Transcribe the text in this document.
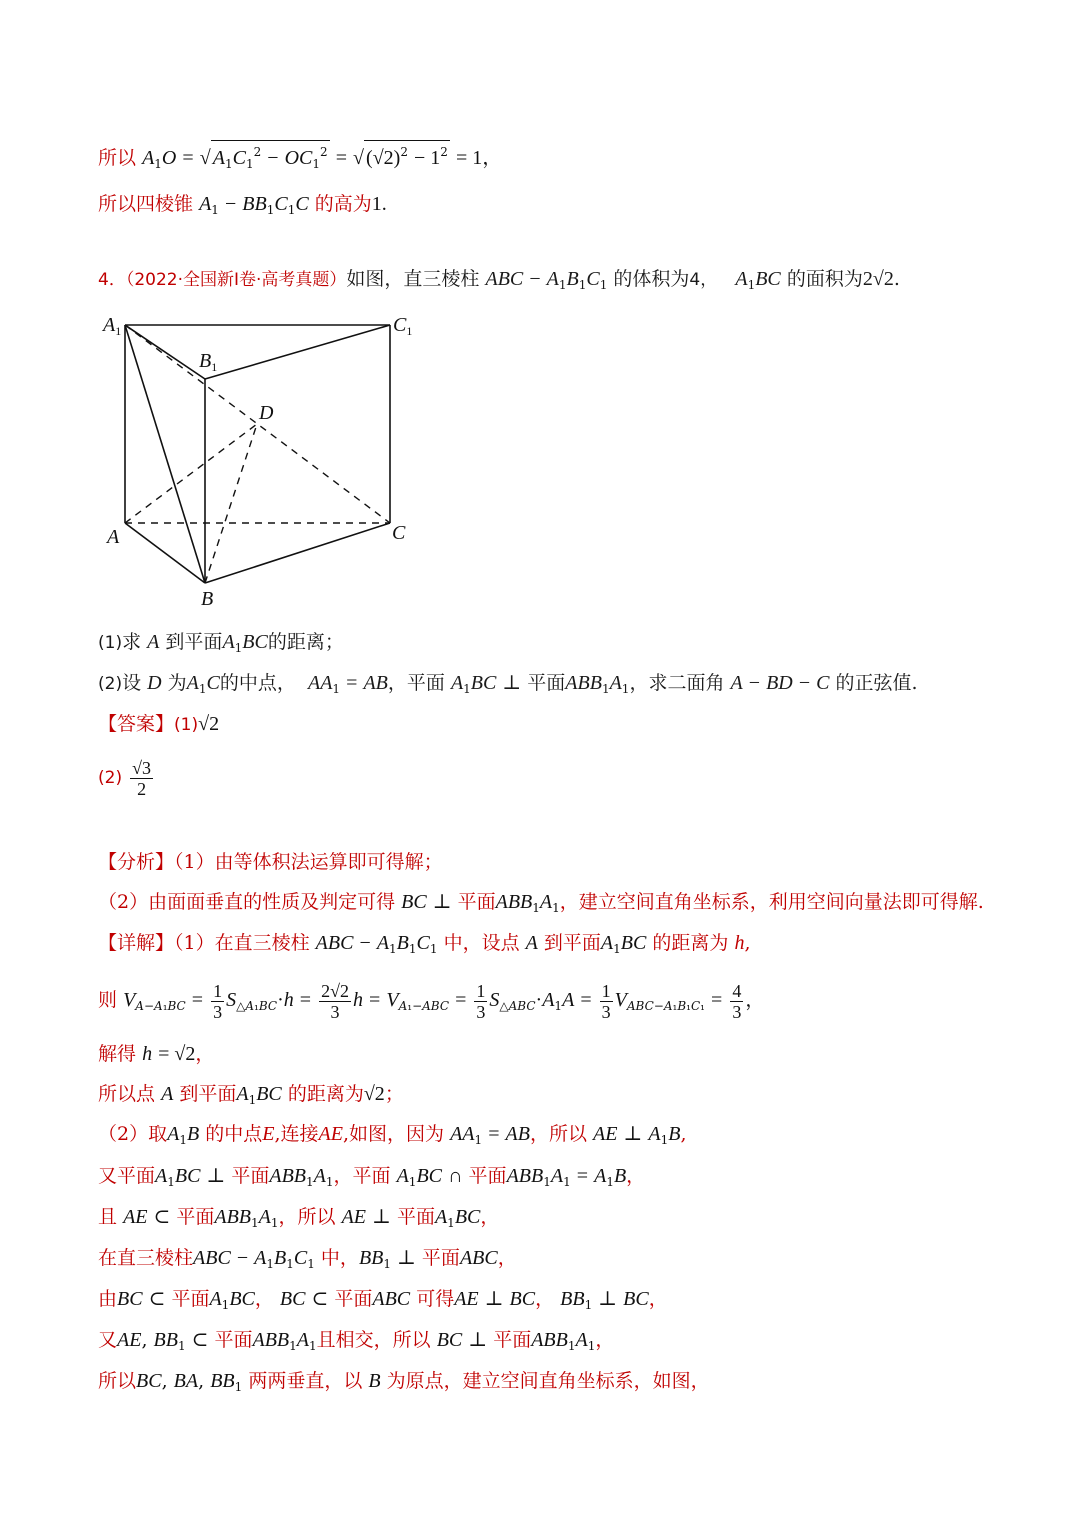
所以 $A_1O$ = √ $A_1C_1^2 - OC_1^2$ = √ $(√2)^2 - 1^2 = 1$，
所以四棱锥 $A_1 - BB_1C_1C$ 的高为1.
4．（2022·全国新Ⅰ卷·高考真题）如图，直三棱柱 ABC − $A_1B_1C_1$ 的体积为4， $A_1BC$ 的面积为2√2.
$A_1$	$C_1$
$B_1$
D
A	C
B
(1)求 A 到平面$A_1BC$的距离；
(2)设 D 为$A_1C$的中点， $AA_1$ = AB，平面 $A_1BC$ ⊥ 平面$ABB_1A_1$，求二面角 A − BD − C 的正弦值.
【答案】(1)√2
$(2) \frac{√3}{2}$
【分析】（1）由等体积法运算即可得解；
（2）由面面垂直的性质及判定可得 BC ⊥ 平面$ABB_1A_1$，建立空间直角坐标系，利用空间向量法即可得解.
【详解】（1）在直三棱柱 ABC − $A_1B_1C_1$ 中，设点 A 到平面$A_1BC$ 的距离为 h,
则 $V_{A-A_1BC} = \frac{1}{3} S_{\triangle A_1BC}\cdot h = \frac{2√2}{3}$ $h = V_{A_1-ABC} = \frac{1}{3} S_{\triangle ABC}\cdot A_1A = \frac{1}{3} V_{ABC-A_1B_1C_1} = \frac{4}{3}$ ，
解得 h = √2，
所以点 A 到平面$A_1BC$ 的距离为√2；
（2）取$A_1B$ 的中点E,连接AE,如图，因为 $AA_1$ = AB，所以 AE ⊥ $A_1B$,
又平面$A_1BC$ ⊥ 平面$ABB_1A_1$，平面 $A_1BC$ ∩ 平面$ABB_1A_1 = A_1B$，
且 AE ⊂ 平面$ABB_1A_1$，所以 AE ⊥ 平面$A_1BC$，
在直三棱柱ABC − $A_1B_1C_1$ 中，$BB_1$ ⊥ 平面ABC，
由BC ⊂ 平面$A_1BC$， BC ⊂ 平面ABC 可得AE ⊥ BC， $BB_1$ ⊥ BC，
又AE, $BB_1$ ⊂ 平面$ABB_1A_1$且相交，所以 BC ⊥ 平面$ABB_1A_1$，
所以BC, BA, $BB_1$ 两两垂直，以 B 为原点，建立空间直角坐标系，如图，
